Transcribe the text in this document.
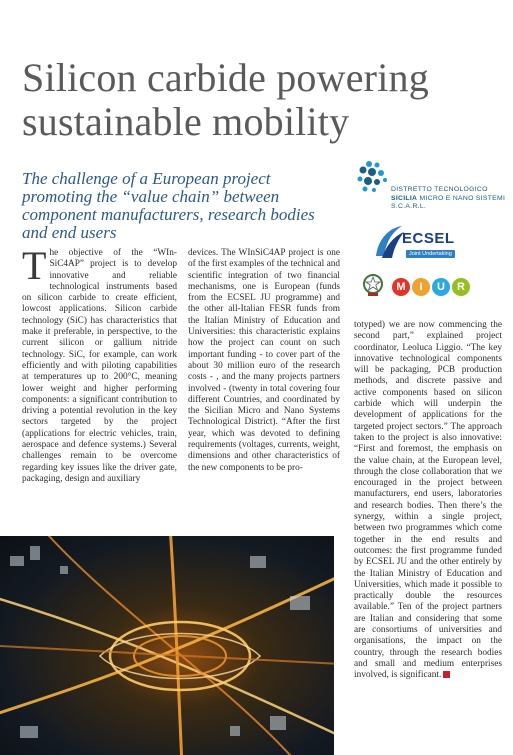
Silicon carbide powering sustainable mobility

The challenge of a European project promoting the “value chain” between component manufacturers, research bodies and end users

DISTRETTO TECNOLOGICO
SICILIA MICRO E NANO SISTEMI
S.C.A.R.L.
ECSEL
Joint Undertaking
M	I	U	R
The objective of the “WIn-SiC4AP” project is to develop innovative and reliable technological instruments based on silicon carbide to create efficient, lowcost applications. Silicon carbide technology (SiC) has characteristics that make it preferable, in perspective, to the current silicon or gallium nitride technology. SiC, for example, can work efficiently and with piloting capabilities at temperatures up to 200°C, meaning lower weight and higher performing components: a significant contribution to driving a potential revolution in the key sectors targeted by the project (applications for electric vehicles, train, aerospace and defence systems.) Several challenges remain to be overcome regarding key issues like the driver gate, packaging, design and auxiliary
devices. The WInSiC4AP project is one of the first examples of the technical and scientific integration of two financial mechanisms, one is European (funds from the ECSEL JU programme) and the other all-Italian FESR funds from the Italian Ministry of Education and Universities: this characteristic explains how the project can count on such important funding - to cover part of the about 30 million euro of the research costs - , and the many projects partners involved - (twenty in total covering four different Countries, and coordinated by the Sicilian Micro and Nano Systems Technological District). “After the first year, which was devoted to defining requirements (voltages, currents, weight, dimensions and other characteristics of the new components to be pro-
totyped) we are now commencing the second part,” explained project coordinator, Leoluca Liggio. “The key innovative technological components will be packaging, PCB production methods, and discrete passive and active components based on silicon carbide which will underpin the development of applications for the targeted project sectors.” The approach taken to the project is also innovative: “First and foremost, the emphasis on the value chain, at the European level, through the close collaboration that we encouraged in the project between manufacturers, end users, laboratories and research bodies. Then there’s the synergy, within a single project, between two programmes which come together in the end results and outcomes: the first programme funded by ECSEL JU and the other entirely by the Italian Ministry of Education and Universities, which made it possible to practically double the resources available.” Ten of the project partners are Italian and considering that some are consortiums of universities and organisations, the impact on the country, through the research bodies and small and medium enterprises involved, is significant.
